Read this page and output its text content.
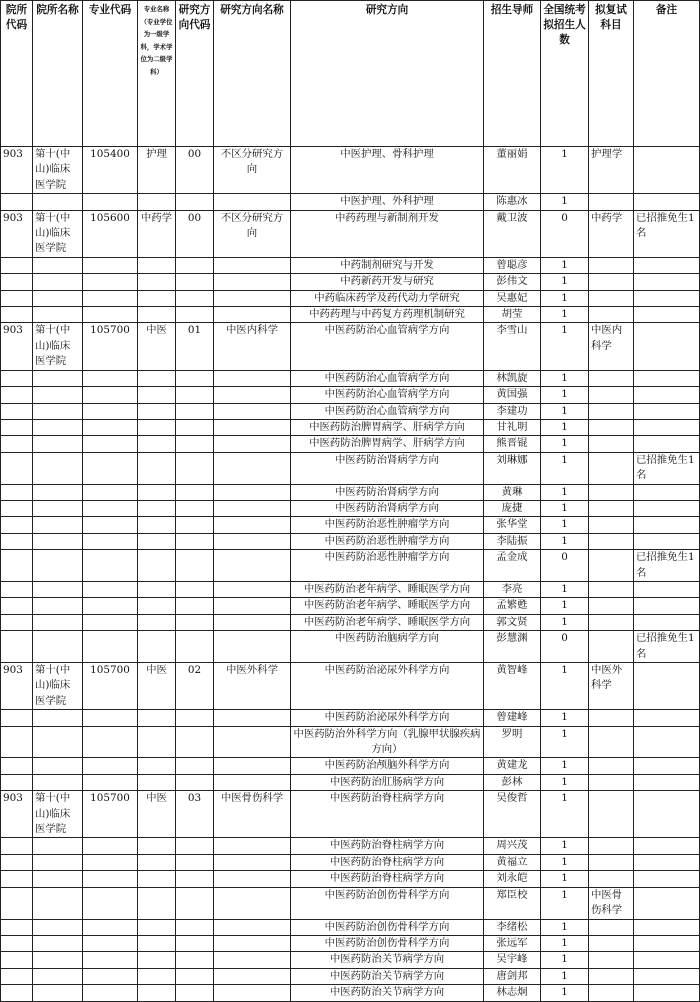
院所代码	院所名称	专业代码	专业名称（专业学位为一级学科，学术学位为二级学科）	研究方向代码	研究方向名称	研究方向	招生导师	全国统考拟招生人数	拟复试科目	备注
903	第十(中山)临床医学院	105400	护理	00	不区分研究方向	中医护理、骨科护理	董丽娟	1	护理学	
						中医护理、外科护理	陈惠冰	1		
903	第十(中山)临床医学院	105600	中药学	00	不区分研究方向	中药药理与新制剂开发	戴卫波	0	中药学	已招推免生1名
						中药制剂研究与开发	曾聪彦	1		
						中药新药开发与研究	彭伟文	1		
						中药临床药学及药代动力学研究	吴惠妃	1		
						中药药理与中药复方药理机制研究	胡莹	1		
903	第十(中山)临床医学院	105700	中医	01	中医内科学	中医药防治心血管病学方向	李雪山	1	中医内科学	
						中医药防治心血管病学方向	林凯旋	1		
						中医药防治心血管病学方向	黄国强	1		
						中医药防治心血管病学方向	李建功	1		
						中医药防治脾胃病学、肝病学方向	甘礼明	1		
						中医药防治脾胃病学、肝病学方向	熊晋锟	1		
						中医药防治肾病学方向	刘琳娜	1		已招推免生1名
						中医药防治肾病学方向	黄琳	1		
						中医药防治肾病学方向	庞捷	1		
						中医药防治恶性肿瘤学方向	张华堂	1		
						中医药防治恶性肿瘤学方向	李陆振	1		
						中医药防治恶性肿瘤学方向	孟金成	0		已招推免生1名
						中医药防治老年病学、睡眠医学方向	李亮	1		
						中医药防治老年病学、睡眠医学方向	孟繁甦	1		
						中医药防治老年病学、睡眠医学方向	郭文贤	1		
						中医药防治脑病学方向	彭慧渊	0		已招推免生1名
903	第十(中山)临床医学院	105700	中医	02	中医外科学	中医药防治泌尿外科学方向	黄智峰	1	中医外科学	
						中医药防治泌尿外科学方向	曾建峰	1		
						中医药防治外科学方向（乳腺甲状腺疾病方向）	罗明	1		
						中医药防治颅脑外科学方向	黄建龙	1		
						中医药防治肛肠病学方向	彭林	1		
903	第十(中山)临床医学院	105700	中医	03	中医骨伤科学	中医药防治脊柱病学方向	吴俊哲	1		
						中医药防治脊柱病学方向	周兴茂	1		
						中医药防治脊柱病学方向	黄福立	1		
						中医药防治脊柱病学方向	刘永皑	1		
						中医药防治创伤骨科学方向	郑臣校	1	中医骨伤科学	
						中医药防治创伤骨科学方向	李绪松	1		
						中医药防治创伤骨科学方向	张远军	1		
						中医药防治关节病学方向	吴宇峰	1		
						中医药防治关节病学方向	唐剑邦	1		
						中医药防治关节病学方向	林志炯	1		
